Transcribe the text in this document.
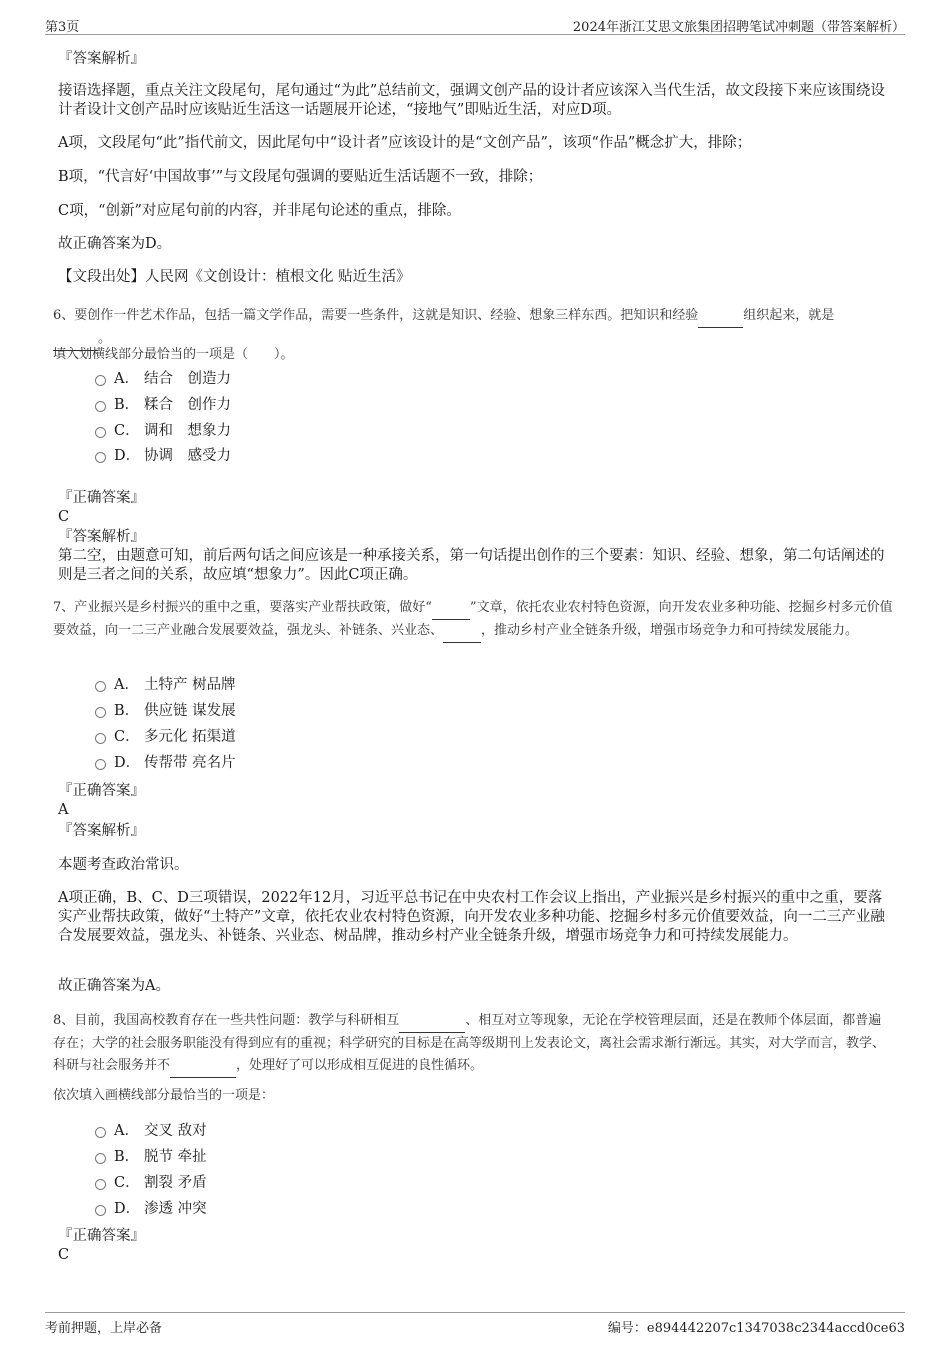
第3页	2024年浙江艾思文旅集团招聘笔试冲刺题（带答案解析）
『答案解析』
接语选择题，重点关注文段尾句，尾句通过“为此”总结前文，强调文创产品的设计者应该深入当代生活，故文段接下来应该围绕设计者设计文创产品时应该贴近生活这一话题展开论述，“接地气”即贴近生活，对应D项。
A项，文段尾句“此”指代前文，因此尾句中“设计者”应该设计的是“文创产品”，该项“作品”概念扩大，排除；
B项，“代言好‘中国故事’”与文段尾句强调的要贴近生活话题不一致，排除；
C项，“创新”对应尾句前的内容，并非尾句论述的重点，排除。
故正确答案为D。
【文段出处】人民网《文创设计：植根文化 贴近生活》
6、要创作一件艺术作品，包括一篇文学作品，需要一些条件，这就是知识、经验、想象三样东西。把知识和经验	组织起来，就是
。
填入划横线部分最恰当的一项是（　　）。
A． 结合　创造力
B． 糅合　创作力
C． 调和　想象力
D． 协调　感受力
『正确答案』
C
『答案解析』
第二空，由题意可知，前后两句话之间应该是一种承接关系，第一句话提出创作的三个要素：知识、经验、想象，第二句话阐述的则是三者之间的关系，故应填“想象力”。因此C项正确。
7、产业振兴是乡村振兴的重中之重，要落实产业帮扶政策，做好“	”文章，依托农业农村特色资源，向开发农业多种功能、挖掘乡村多元价值要效益，向一二三产业融合发展要效益，强龙头、补链条、兴业态、	，推动乡村产业全链条升级，增强市场竞争力和可持续发展能力。
A． 土特产 树品牌
B． 供应链 谋发展
C． 多元化 拓渠道
D． 传帮带 亮名片
『正确答案』
A
『答案解析』
本题考查政治常识。
A项正确，B、C、D三项错误，2022年12月，习近平总书记在中央农村工作会议上指出，产业振兴是乡村振兴的重中之重，要落实产业帮扶政策，做好“土特产”文章，依托农业农村特色资源，向开发农业多种功能、挖掘乡村多元价值要效益，向一二三产业融合发展要效益，强龙头、补链条、兴业态、树品牌，推动乡村产业全链条升级，增强市场竞争力和可持续发展能力。
故正确答案为A。
8、目前，我国高校教育存在一些共性问题：教学与科研相互	、相互对立等现象，无论在学校管理层面，还是在教师个体层面，都普遍存在；大学的社会服务职能没有得到应有的重视；科学研究的目标是在高等级期刊上发表论文，离社会需求渐行渐远。其实，对大学而言，教学、科研与社会服务并不	，处理好了可以形成相互促进的良性循环。
依次填入画横线部分最恰当的一项是：
A． 交叉 敌对
B． 脱节 牵扯
C． 割裂 矛盾
D． 渗透 冲突
『正确答案』
C
考前押题，上岸必备	编号：e894442207c1347038c2344accd0ce63
